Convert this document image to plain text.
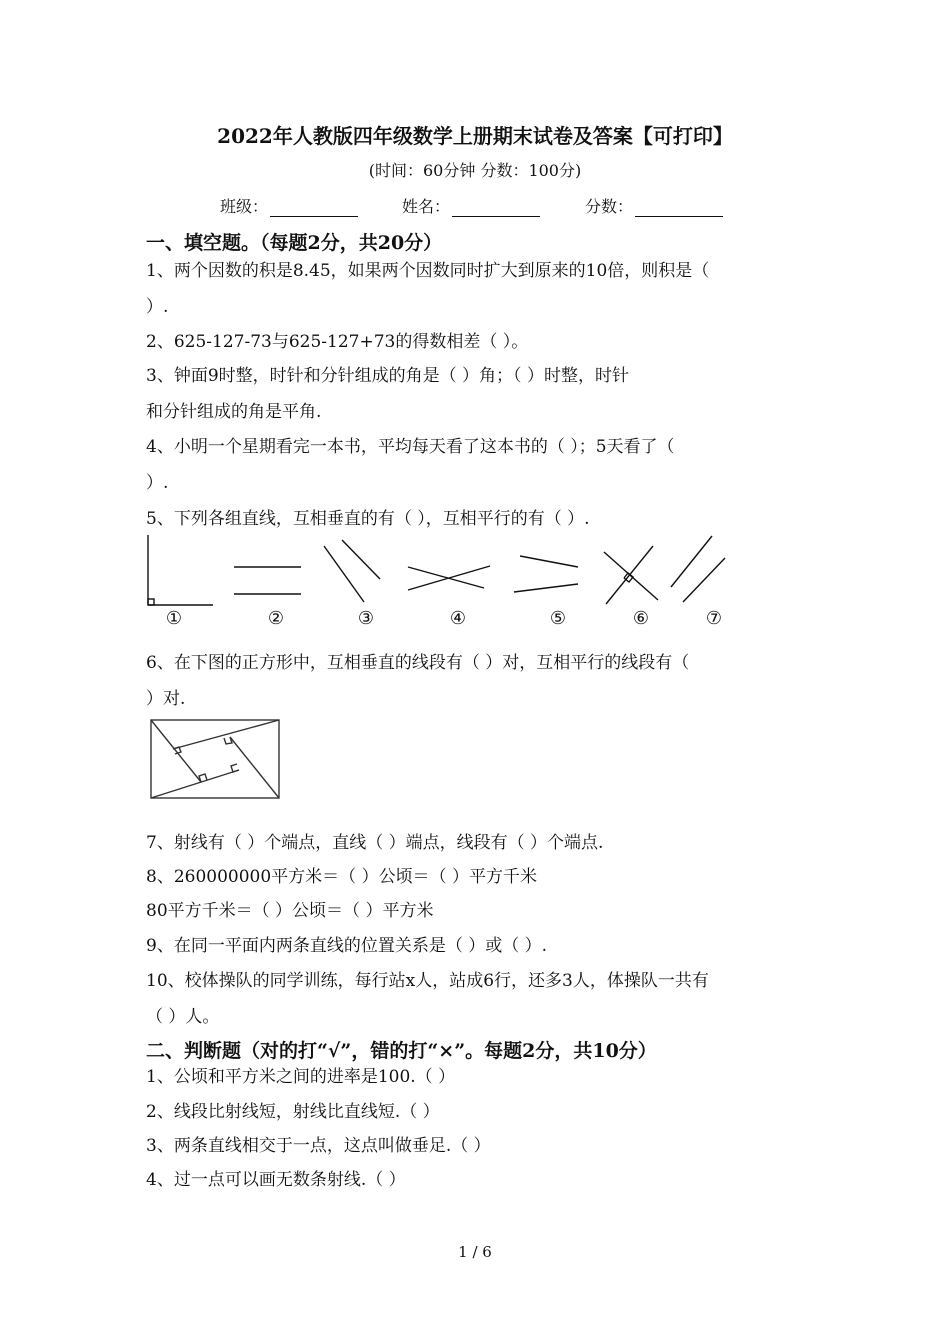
2022年人教版四年级数学上册期末试卷及答案【可打印】
(时间：60分钟 分数：100分)
班级：	姓名：	分数：
一、填空题。（每题2分，共20分）
1、两个因数的积是8.45，如果两个因数同时扩大到原来的10倍，则积是（
）.
2、625-127-73与625-127+73的得数相差（ ）。
3、钟面9时整，时针和分针组成的角是（ ）角；（ ）时整，时针
和分针组成的角是平角.
4、小明一个星期看完一本书，平均每天看了这本书的（ ）；5天看了（
）.
5、下列各组直线，互相垂直的有（ ），互相平行的有（ ）.
①	②	③	④	⑤	⑥	⑦
6、在下图的正方形中，互相垂直的线段有（ ）对，互相平行的线段有（
）对.
7、射线有（ ）个端点，直线（ ）端点，线段有（ ）个端点.
8、260000000平方米＝（ ）公顷＝（ ）平方千米
80平方千米＝（ ）公顷＝（ ）平方米
9、在同一平面内两条直线的位置关系是（ ）或（ ）.
10、校体操队的同学训练，每行站x人，站成6行，还多3人，体操队一共有
（ ）人。
二、判断题（对的打“√”，错的打“×”。每题2分，共10分）
1、公顷和平方米之间的进率是100.（ ）
2、线段比射线短，射线比直线短.（ ）
3、两条直线相交于一点，这点叫做垂足.（ ）
4、过一点可以画无数条射线.（ ）
1 / 6
